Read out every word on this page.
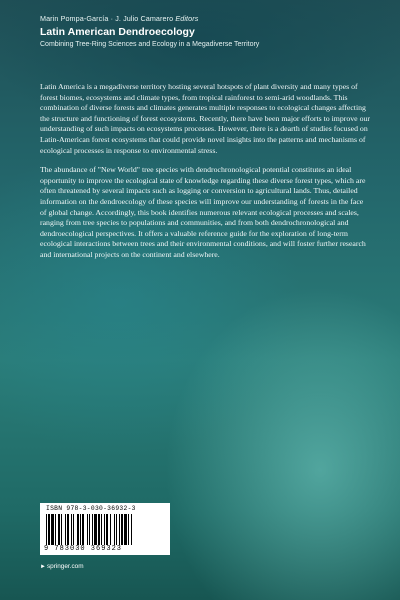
Marin Pompa-García · J. Julio Camarero Editors

Latin American Dendroecology

Combining Tree-Ring Sciences and Ecology in a Megadiverse Territory

Latin America is a megadiverse territory hosting several hotspots of plant diversity and many types of forest biomes, ecosystems and climate types, from tropical rainforest to semi-arid woodlands. This combination of diverse forests and climates generates multiple responses to ecological changes affecting the structure and functioning of forest ecosystems. Recently, there have been major efforts to improve our understanding of such impacts on ecosystems processes. However, there is a dearth of studies focused on Latin-American forest ecosystems that could provide novel insights into the patterns and mechanisms of ecological processes in response to environmental stress.

The abundance of "New World" tree species with dendrochronological potential constitutes an ideal opportunity to improve the ecological state of knowledge regarding these diverse forest types, which are often threatened by several impacts such as logging or conversion to agricultural lands. Thus, detailed information on the dendroecology of these species will improve our understanding of forests in the face of global change. Accordingly, this book identifies numerous relevant ecological processes and scales, ranging from tree species to populations and communities, and from both dendrochronological and dendroecological perspectives. It offers a valuable reference guide for the exploration of long-term ecological interactions between trees and their environmental conditions, and will foster further research and international projects on the continent and elsewhere.

ISBN 978-3-030-36932-3
9 783030 369323
►springer.com
